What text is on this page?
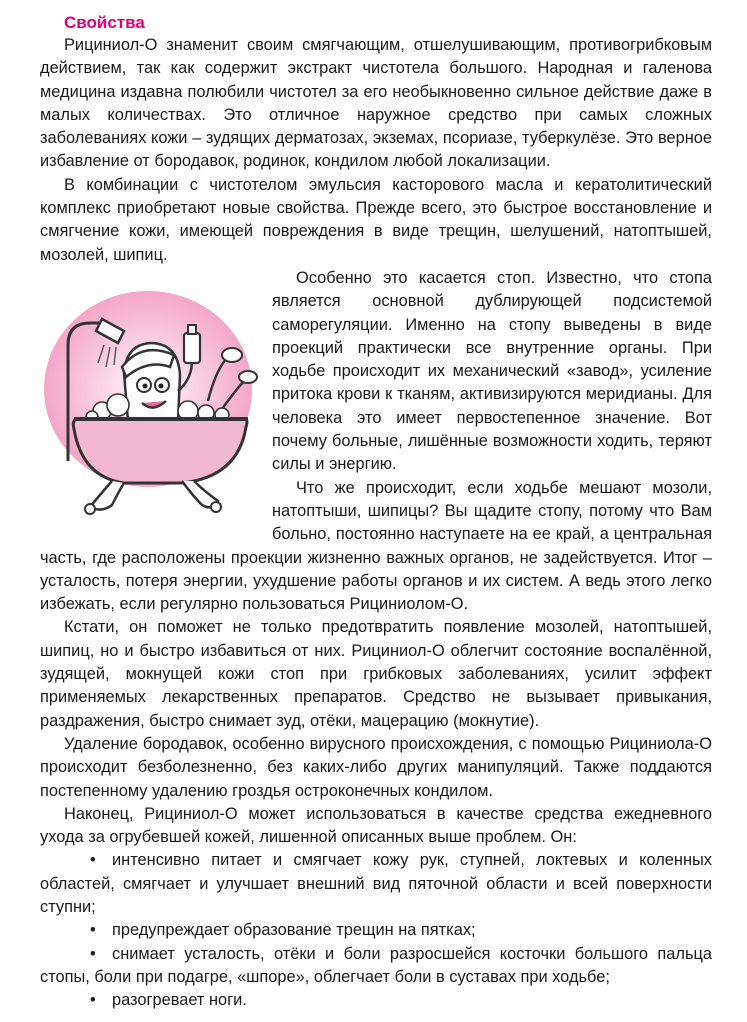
Свойства

Рициниол-О знаменит своим смягчающим, отшелушивающим, противогрибковым действием, так как содержит экстракт чистотела большого. Народная и галенова медицина издавна полюбили чистотел за его необыкновенно сильное действие даже в малых количествах. Это отличное наружное средство при самых сложных заболеваниях кожи – зудящих дерматозах, экземах, псориазе, туберкулёзе. Это верное избавление от бородавок, родинок, кондилом любой локализации.

В комбинации с чистотелом эмульсия касторового масла и кератолитический комплекс приобретают новые свойства. Прежде всего, это быстрое восстановление и смягчение кожи, имеющей повреждения в виде трещин, шелушений, натоптышей, мозолей, шипиц.

Особенно это касается стоп. Известно, что стопа является основной дублирующей подсистемой саморегуляции. Именно на стопу выведены в виде проекций практически все внутренние органы. При ходьбе происходит их механический «завод», усиление притока крови к тканям, активизируются меридианы. Для человека это имеет первостепенное значение. Вот почему больные, лишённые возможности ходить, теряют силы и энергию.

Что же происходит, если ходьбе мешают мозоли, натоптыши, шипицы? Вы щадите стопу, потому что Вам больно, постоянно наступаете на ее край, а центральная часть, где расположены проекции жизненно важных органов, не задействуется. Итог – усталость, потеря энергии, ухудшение работы органов и их систем. А ведь этого легко избежать, если регулярно пользоваться Рициниолом-О.

Кстати, он поможет не только предотвратить появление мозолей, натоптышей, шипиц, но и быстро избавиться от них. Рициниол-О облегчит состояние воспалённой, зудящей, мокнущей кожи стоп при грибковых заболеваниях, усилит эффект применяемых лекарственных препаратов. Средство не вызывает привыкания, раздражения, быстро снимает зуд, отёки, мацерацию (мокнутие).

Удаление бородавок, особенно вирусного происхождения, с помощью Рициниола-О происходит безболезненно, без каких-либо других манипуляций. Также поддаются постепенному удалению гроздья остроконечных кондилом.

Наконец, Рициниол-О может использоваться в качестве средства ежедневного ухода за огрубевшей кожей, лишенной описанных выше проблем. Он:

• интенсивно питает и смягчает кожу рук, ступней, локтевых и коленных областей, смягчает и улучшает внешний вид пяточной области и всей поверхности ступни;
• предупреждает образование трещин на пятках;
• снимает усталость, отёки и боли разросшейся косточки большого пальца стопы, боли при подагре, «шпоре», облегчает боли в суставах при ходьбе;
• разогревает ноги.
